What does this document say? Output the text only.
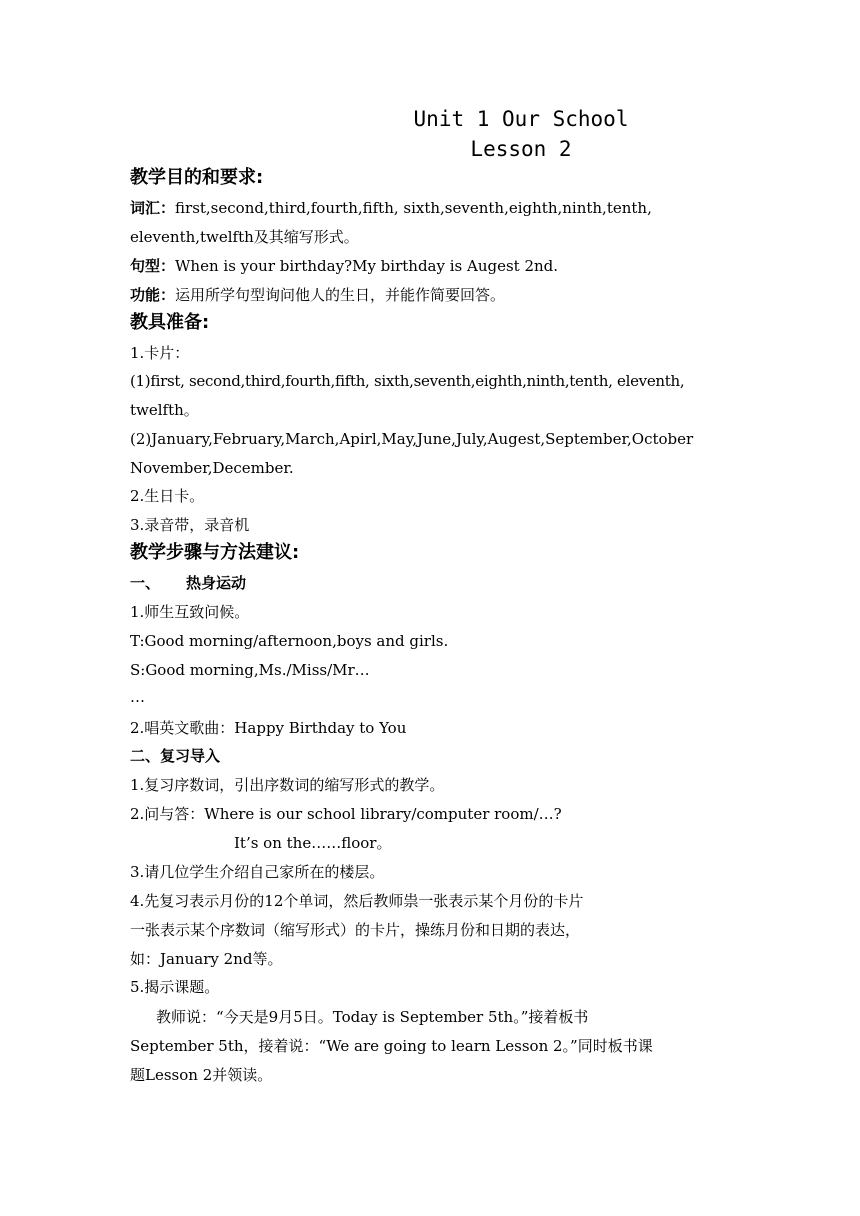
Unit 1 Our School
Lesson 2
教学目的和要求:
词汇：first,second,third,fourth,fifth, sixth,seventh,eighth,ninth,tenth,
eleventh,twelfth及其缩写形式。
句型：When is your birthday?My birthday is Augest 2nd.
功能：运用所学句型询问他人的生日，并能作简要回答。
教具准备:
1.卡片：
(1)first, second,third,fourth,fifth, sixth,seventh,eighth,ninth,tenth, eleventh,
twelfth。
(2)January,February,March,Apirl,May,June,July,Augest,September,October
November,December.
2.生日卡。
3.录音带，录音机
教学步骤与方法建议:
一、 热身运动
1.师生互致问候。
T:Good morning/afternoon,boys and girls.
S:Good morning,Ms./Miss/Mr…
…
2.唱英文歌曲：Happy Birthday to You
二、复习导入
1.复习序数词，引出序数词的缩写形式的教学。
2.问与答：Where is our school library/computer room/…?
It’s on the……floor。
3.请几位学生介绍自己家所在的楼层。
4.先复习表示月份的12个单词，然后教师祟一张表示某个月份的卡片
一张表示某个序数词（缩写形式）的卡片，操练月份和日期的表达，
如：January 2nd等。
5.揭示课题。
教师说：“今天是9月5日。Today is September 5th。”接着板书
September 5th，接着说：“We are going to learn Lesson 2。”同时板书课
题Lesson 2并领读。
